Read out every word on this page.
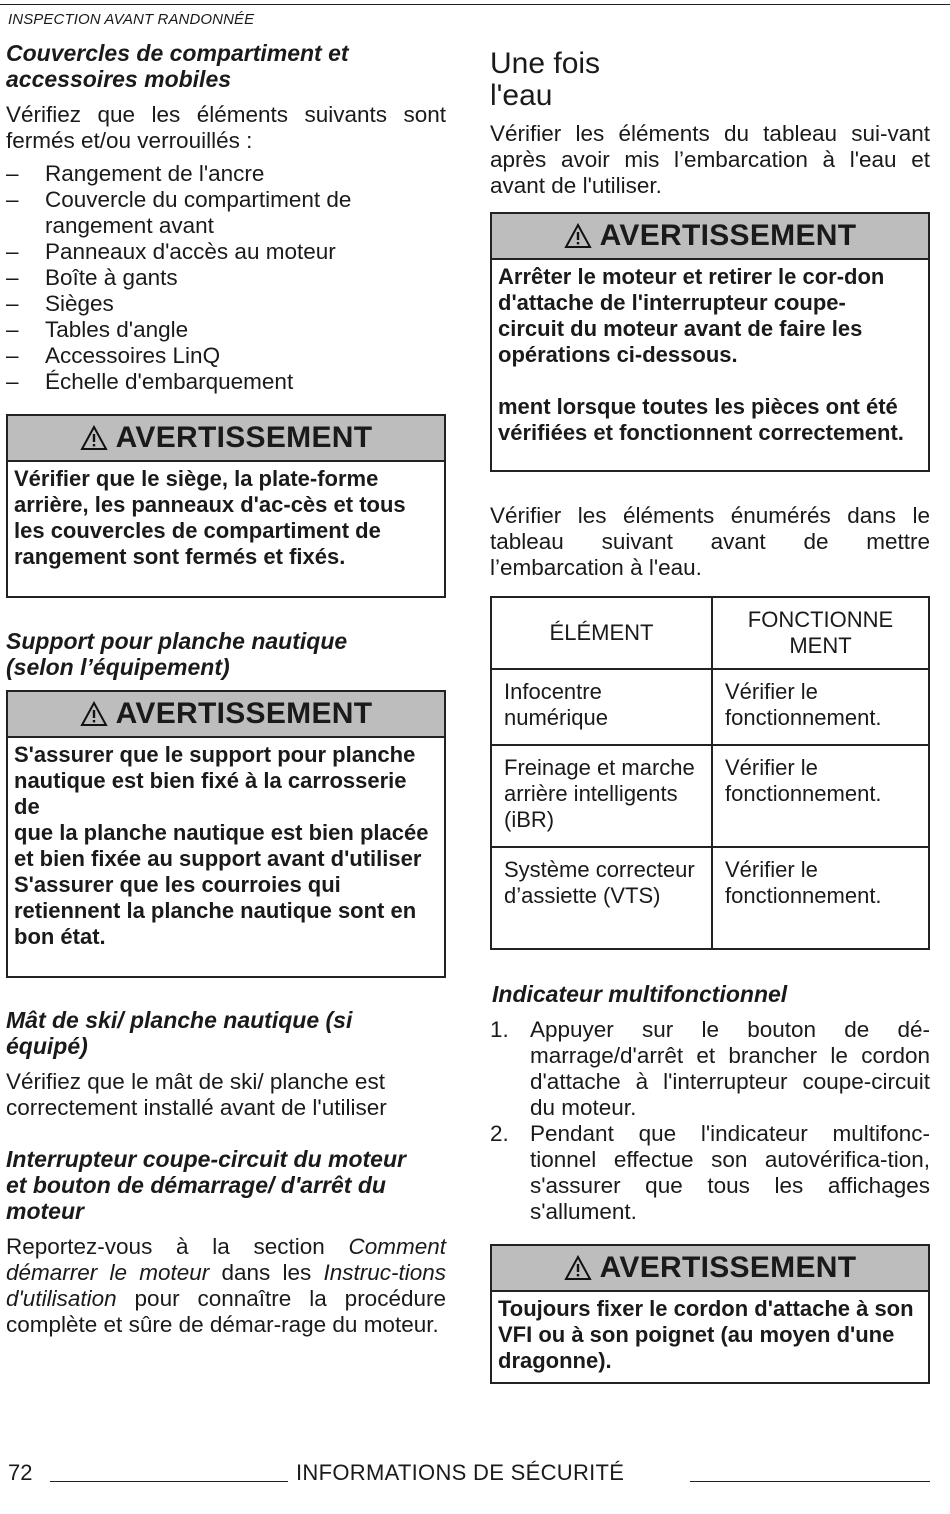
INSPECTION AVANT RANDONNÉE
Couvercles de compartiment et accessoires mobiles

Vérifiez que les éléments suivants sont fermés et/ou verrouillés :

– Rangement de l'ancre
– Couvercle du compartiment de rangement avant
– Panneaux d'accès au moteur
– Boîte à gants
– Sièges
– Tables d'angle
– Accessoires LinQ
– Échelle d'embarquement
AVERTISSEMENT
Vérifier que le siège, la plate-forme arrière, les panneaux d'ac-cès et tous les couvercles de compartiment de rangement sont fermés et fixés.
Support pour planche nautique (selon l’équipement)
AVERTISSEMENT
S'assurer que le support pour planche nautique est bien fixé à la carrosserie de
que la planche nautique est bien placée et bien fixée au support avant d'utiliser
S'assurer que les courroies qui retiennent la planche nautique sont en bon état.
Mât de ski/ planche nautique (si équipé)

Vérifiez que le mât de ski/ planche est correctement installé avant de l'utiliser

Interrupteur coupe-circuit du moteur et bouton de démarrage/ d'arrêt du moteur

Reportez-vous à la section Comment démarrer le moteur dans les Instruc-tions d'utilisation pour connaître la procédure complète et sûre de démar-rage du moteur.

Une fois
l'eau

Vérifier les éléments du tableau sui-vant après avoir mis l’embarcation à l'eau et avant de l'utiliser.

AVERTISSEMENT
Arrêter le moteur et retirer le cor-don d'attache de l'interrupteur coupe-circuit du moteur avant de faire les opérations ci-dessous.
ment lorsque toutes les pièces ont été vérifiées et fonctionnent correctement.

Vérifier les éléments énumérés dans le tableau suivant avant de mettre l’embarcation à l'eau.

ÉLÉMENT	FONCTIONNE MENT
Infocentre numérique	Vérifier le fonctionnement.
Freinage et marche arrière intelligents (iBR)	Vérifier le fonctionnement.
Système correcteur d’assiette (VTS)	Vérifier le fonctionnement.
Indicateur multifonctionnel
1. Appuyer sur le bouton de dé-marrage/d'arrêt et brancher le cordon d'attache à l'interrupteur coupe-circuit du moteur.
2. Pendant que l'indicateur multifonc-tionnel effectue son autovérifica-tion, s'assurer que tous les affichages s'allument.
AVERTISSEMENT
Toujours fixer le cordon d'attache à son VFI ou à son poignet (au moyen d'une dragonne).
72	INFORMATIONS DE SÉCURITÉ
